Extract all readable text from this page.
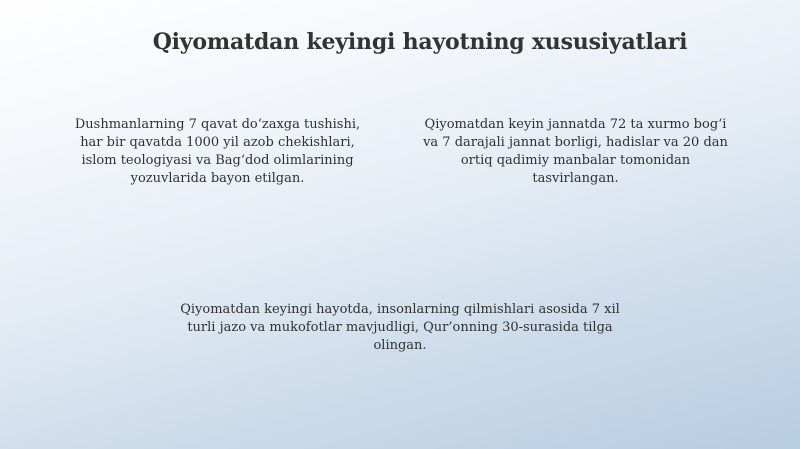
Qiyomatdan keyingi hayotning xususiyatlari
Dushmanlarning 7 qavat do‘zaxga tushishi,
har bir qavatda 1000 yil azob chekishlari,
islom teologiyasi va Bag‘dod olimlarining
yozuvlarida bayon etilgan.
Qiyomatdan keyin jannatda 72 ta xurmo bog‘i
va 7 darajali jannat borligi, hadislar va 20 dan
ortiq qadimiy manbalar tomonidan
tasvirlangan.
Qiyomatdan keyingi hayotda, insonlarning qilmishlari asosida 7 xil
turli jazo va mukofotlar mavjudligi, Qur’onning 30-surasida tilga
olingan.
